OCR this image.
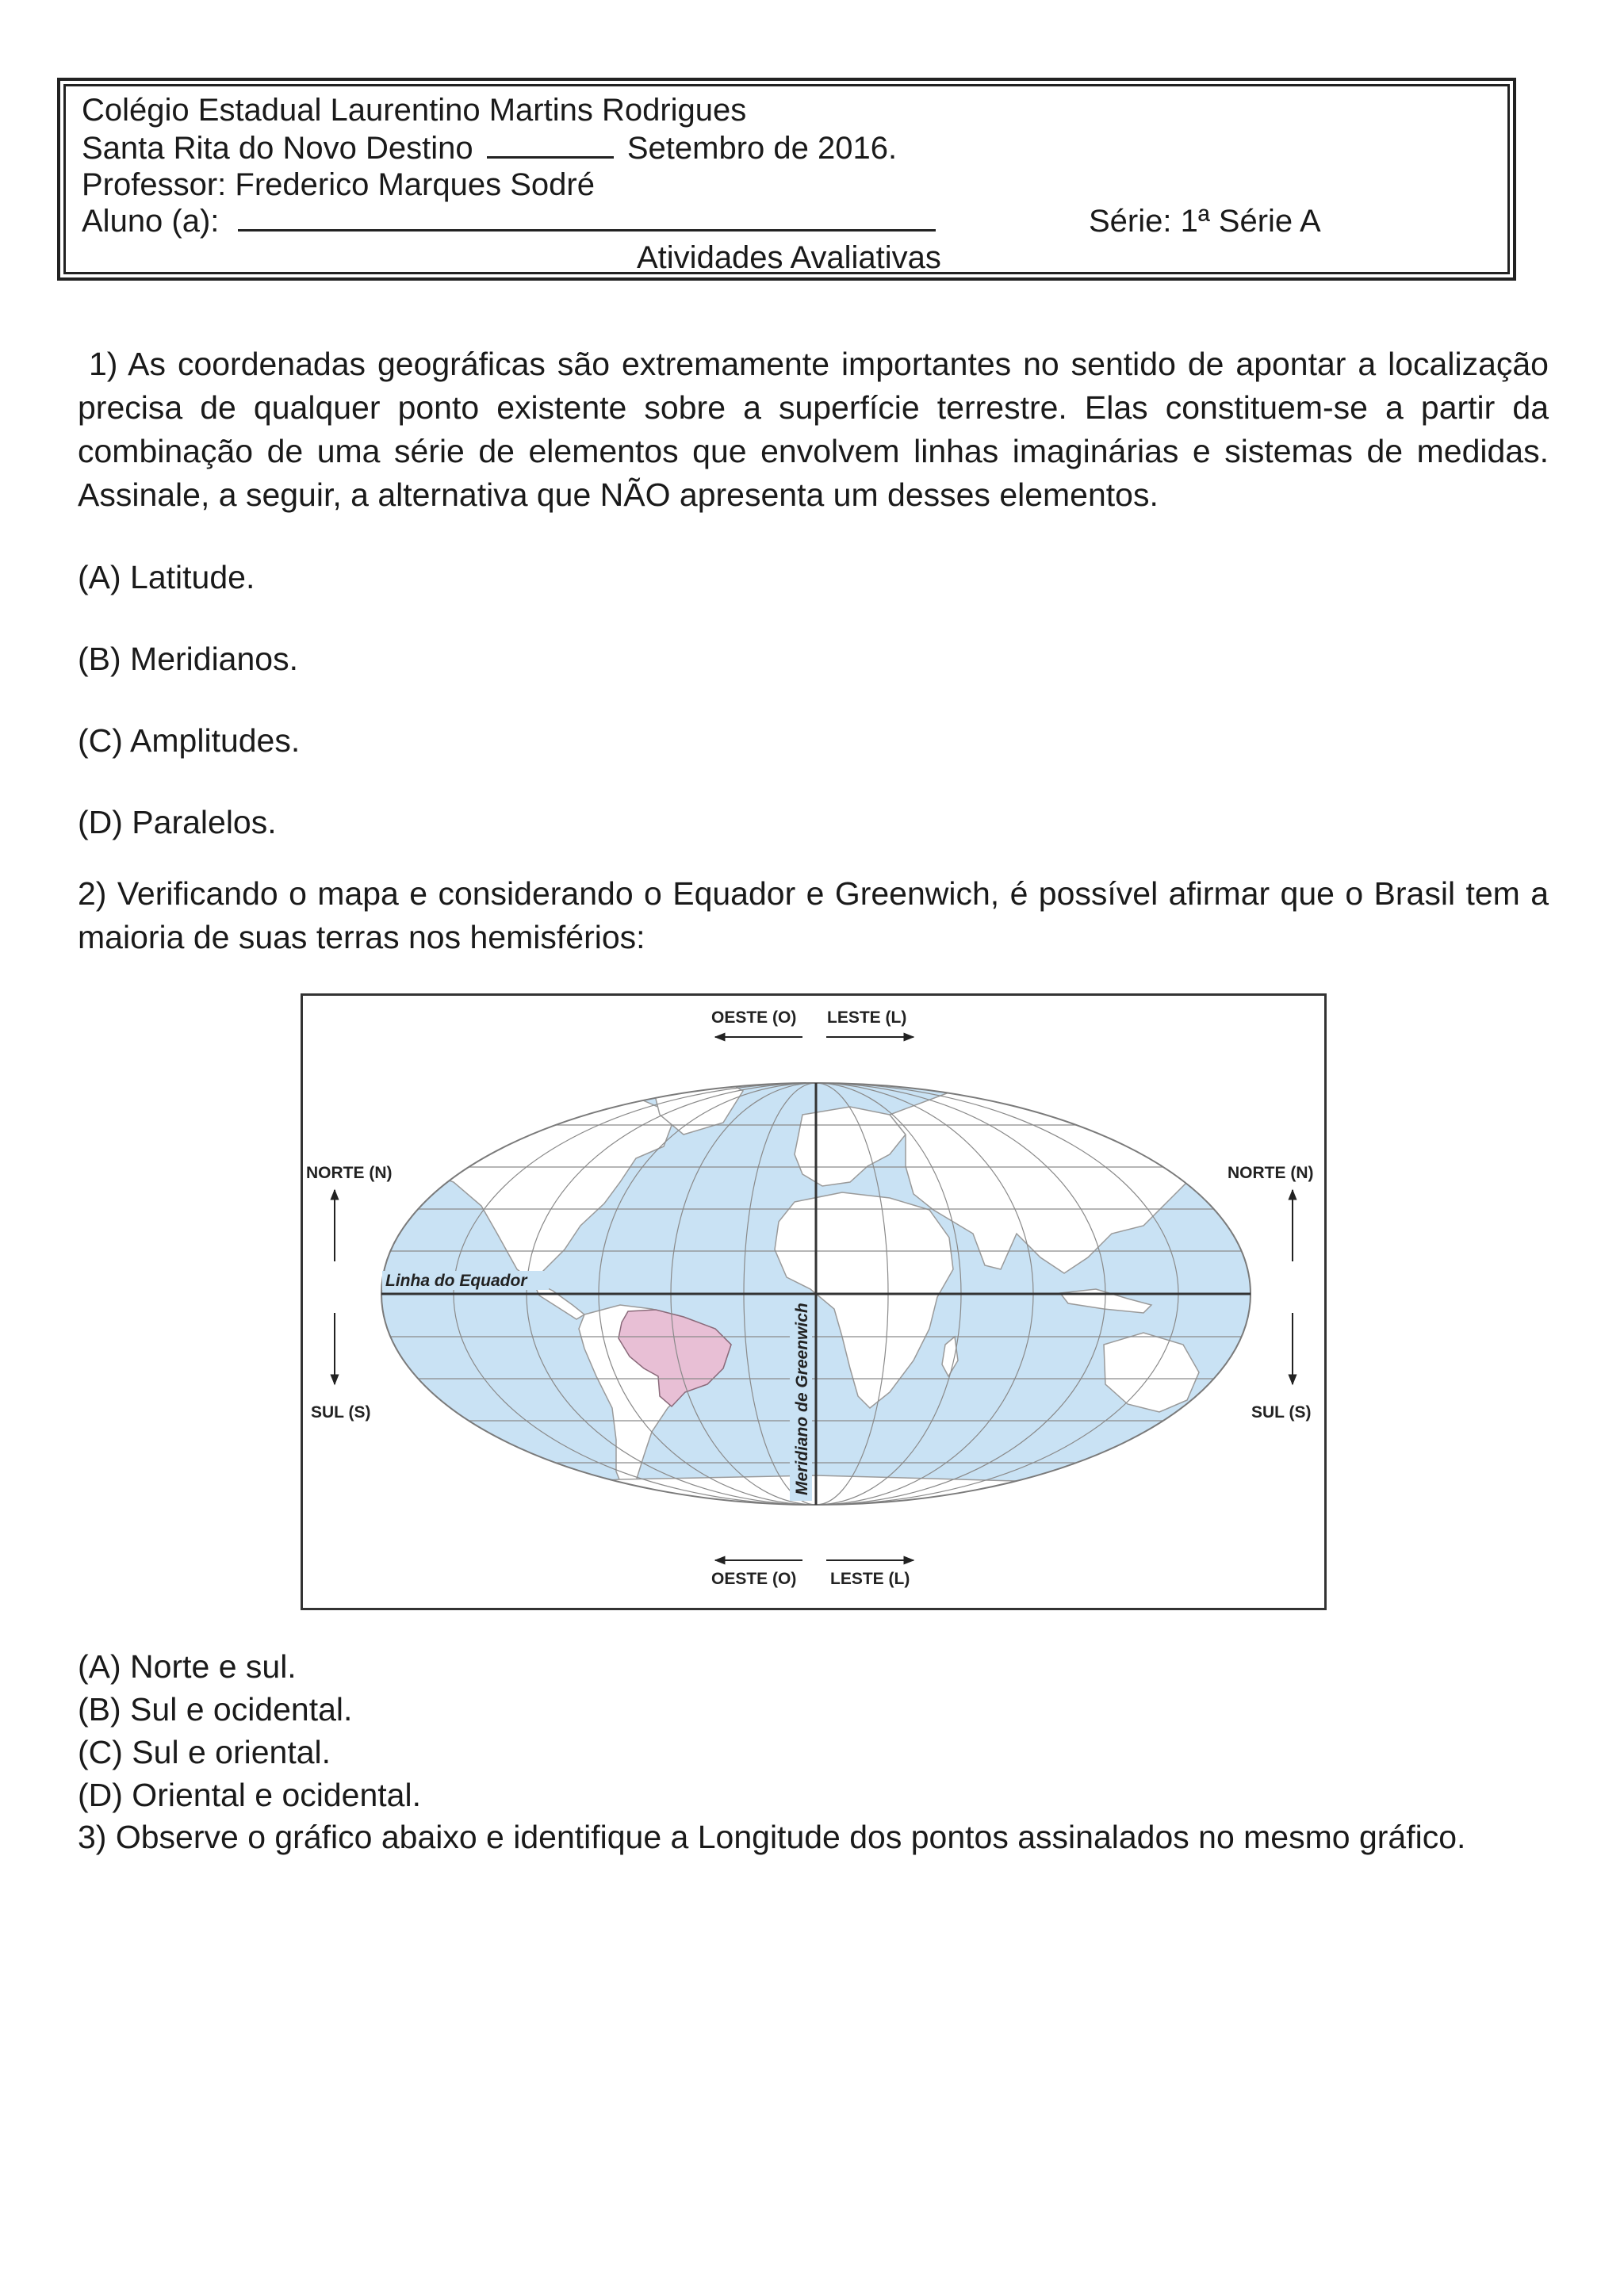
Colégio Estadual Laurentino Martins Rodrigues
Santa Rita do Novo Destino	Setembro de 2016.
Professor: Frederico Marques Sodré
Aluno (a):	Série: 1ª Série A
Atividades Avaliativas
1) As coordenadas geográficas são extremamente importantes no sentido de apontar a localização precisa de qualquer ponto existente sobre a superfície terrestre. Elas constituem-se a partir da combinação de uma série de elementos que envolvem linhas imaginárias e sistemas de medidas. Assinale, a seguir, a alternativa que NÃO apresenta um desses elementos.
(A) Latitude.
(B) Meridianos.
(C) Amplitudes.
(D) Paralelos.
2) Verificando o mapa e considerando o Equador e Greenwich, é possível afirmar que o Brasil tem a maioria de suas terras nos hemisférios:
Linha do Equador
Meridiano de Greenwich
OESTE (O) LESTE (L)
OESTE (O) LESTE (L)
NORTE (N)
SUL (S)
NORTE (N)
SUL (S)
(A) Norte e sul.
(B) Sul e ocidental.
(C) Sul e oriental.
(D) Oriental e ocidental.
3) Observe o gráfico abaixo e identifique a Longitude dos pontos assinalados no mesmo gráfico.
